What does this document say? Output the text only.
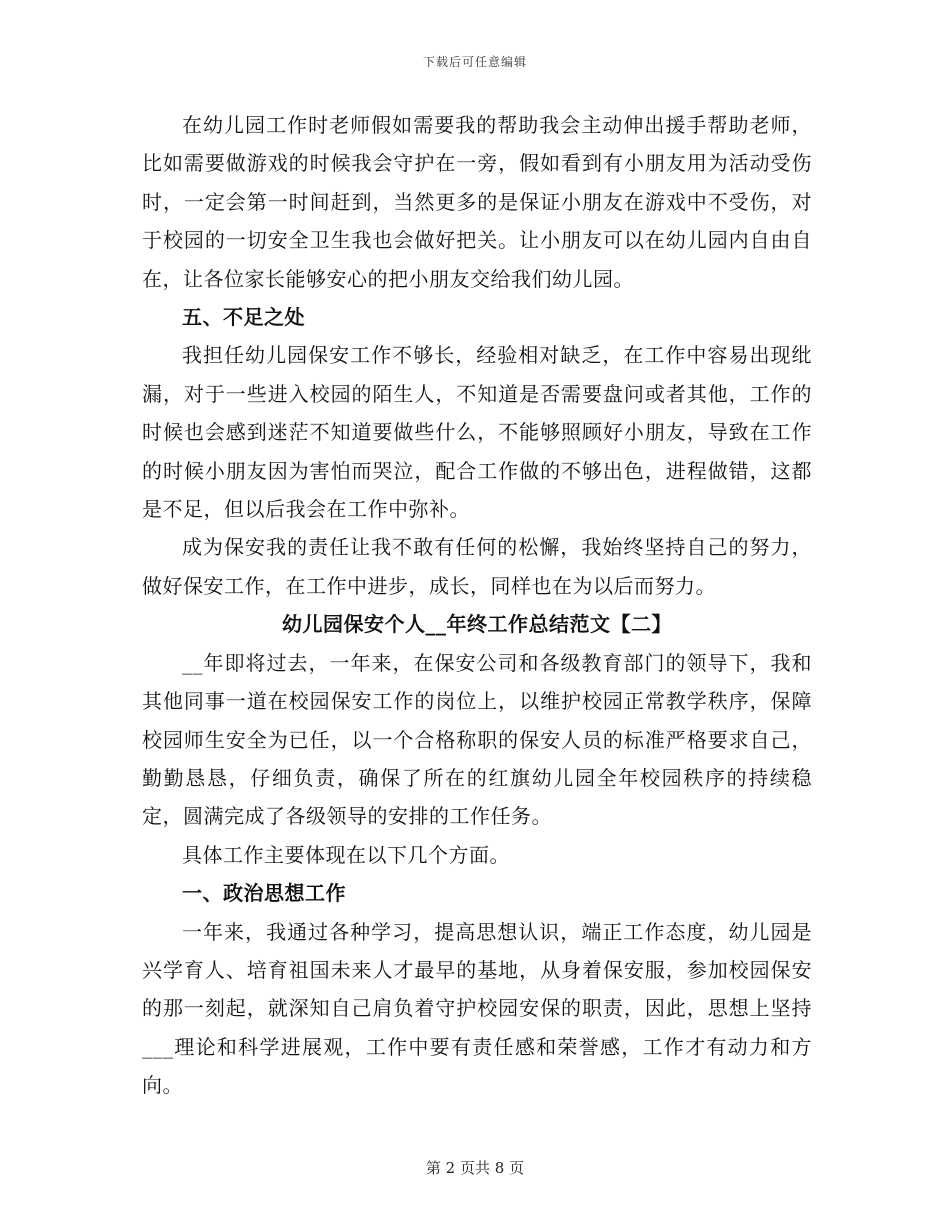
下载后可任意编辑

在幼儿园工作时老师假如需要我的帮助我会主动伸出援手帮助老师，比如需要做游戏的时候我会守护在一旁，假如看到有小朋友用为活动受伤时，一定会第一时间赶到，当然更多的是保证小朋友在游戏中不受伤，对于校园的一切安全卫生我也会做好把关。让小朋友可以在幼儿园内自由自在，让各位家长能够安心的把小朋友交给我们幼儿园。

五、不足之处

我担任幼儿园保安工作不够长，经验相对缺乏，在工作中容易出现纰漏，对于一些进入校园的陌生人，不知道是否需要盘问或者其他，工作的时候也会感到迷茫不知道要做些什么，不能够照顾好小朋友，导致在工作的时候小朋友因为害怕而哭泣，配合工作做的不够出色，进程做错，这都是不足，但以后我会在工作中弥补。

成为保安我的责任让我不敢有任何的松懈，我始终坚持自己的努力，做好保安工作，在工作中进步，成长，同样也在为以后而努力。

幼儿园保安个人__年终工作总结范文【二】

__年即将过去，一年来，在保安公司和各级教育部门的领导下，我和其他同事一道在校园保安工作的岗位上，以维护校园正常教学秩序，保障校园师生安全为已任，以一个合格称职的保安人员的标准严格要求自己，勤勤恳恳，仔细负责，确保了所在的红旗幼儿园全年校园秩序的持续稳定，圆满完成了各级领导的安排的工作任务。

具体工作主要体现在以下几个方面。

一、政治思想工作

一年来，我通过各种学习，提高思想认识，端正工作态度，幼儿园是兴学育人、培育祖国未来人才最早的基地，从身着保安服，参加校园保安的那一刻起，就深知自己肩负着守护校园安保的职责，因此，思想上坚持___理论和科学进展观，工作中要有责任感和荣誉感，工作才有动力和方向。

第 2 页共 8 页
